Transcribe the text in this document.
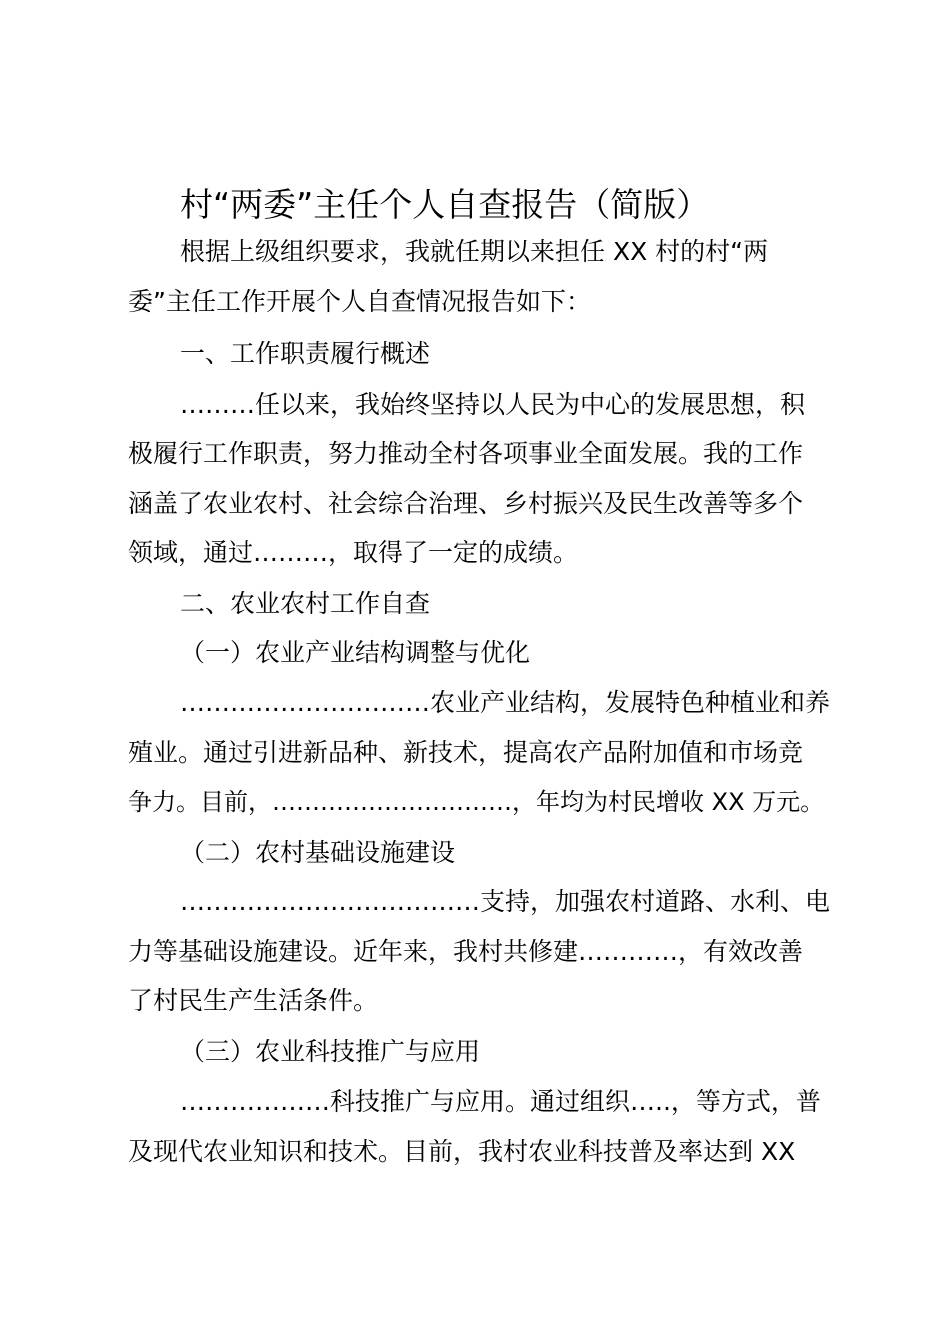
村“两委”主任个人自查报告（简版）

根据上级组织要求，我就任期以来担任 XX 村的村“两

委”主任工作开展个人自查情况报告如下：

一、工作职责履行概述

………任以来，我始终坚持以人民为中心的发展思想，积

极履行工作职责，努力推动全村各项事业全面发展。我的工作

涵盖了农业农村、社会综合治理、乡村振兴及民生改善等多个

领域，通过………，取得了一定的成绩。

二、农业农村工作自查

（一）农业产业结构调整与优化

…………………………农业产业结构，发展特色种植业和养

殖业。通过引进新品种、新技术，提高农产品附加值和市场竞

争力。目前，…………………………，年均为村民增收 XX 万元。

（二）农村基础设施建设

………………………………支持，加强农村道路、水利、电

力等基础设施建设。近年来，我村共修建…………，有效改善

了村民生产生活条件。

（三）农业科技推广与应用

………………科技推广与应用。通过组织…..，等方式，普

及现代农业知识和技术。目前，我村农业科技普及率达到 XX
